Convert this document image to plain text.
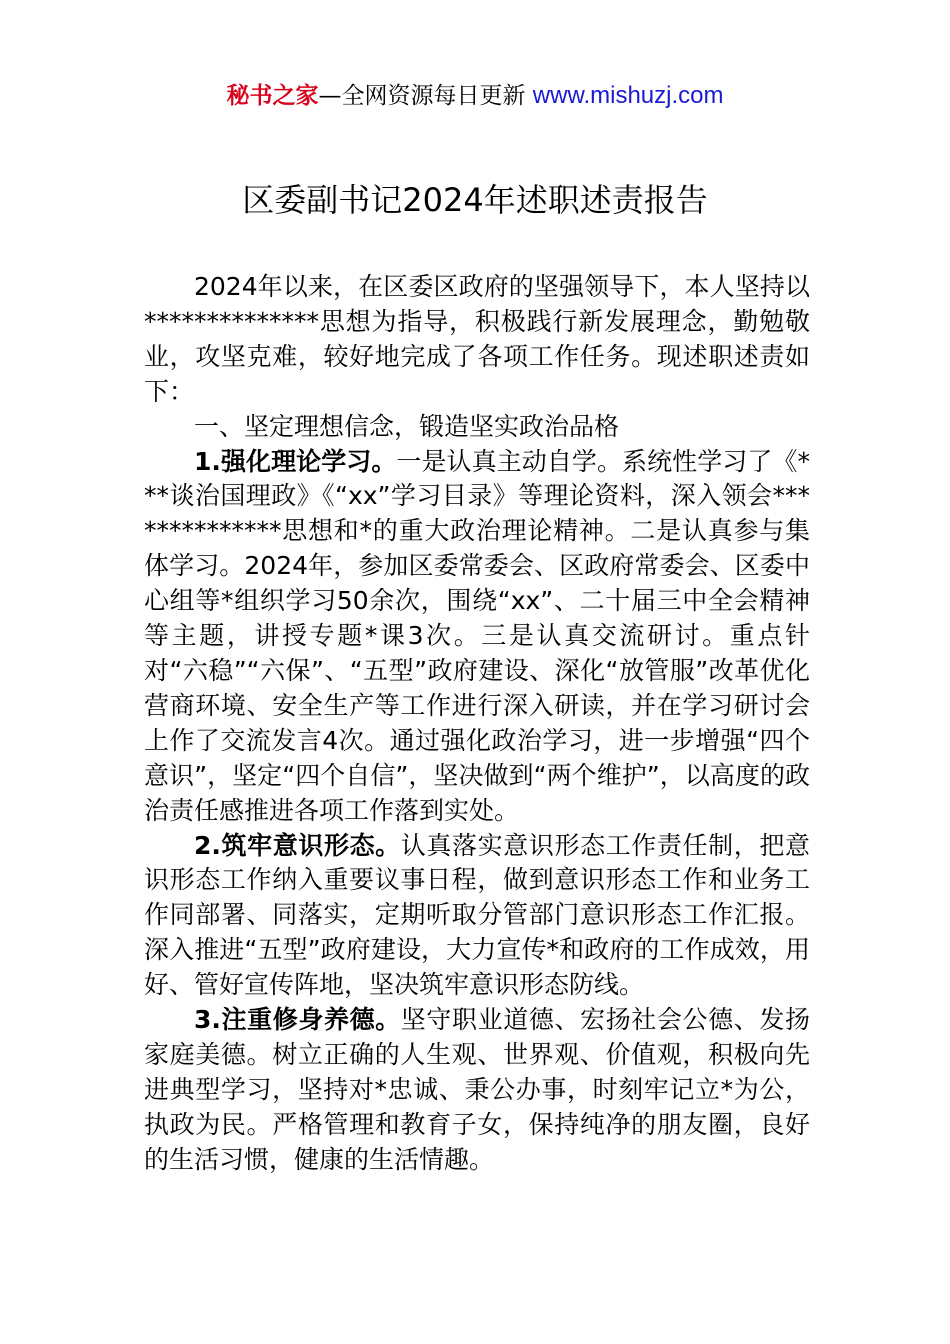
秘书之家—全网资源每日更新 www.mishuzj.com
区委副书记2024年述职述责报告

2024年以来，在区委区政府的坚强领导下，本人坚持以**************思想为指导，积极践行新发展理念，勤勉敬业，攻坚克难，较好地完成了各项工作任务。现述职述责如下：

一、坚定理想信念，锻造坚实政治品格

1.强化理论学习。一是认真主动自学。系统性学习了《***谈治国理政》《“xx”学习目录》等理论资料，深入领会**************思想和*的重大政治理论精神。二是认真参与集体学习。2024年，参加区委常委会、区政府常委会、区委中心组等*组织学习50余次，围绕“xx”、二十届三中全会精神等主题，讲授专题*课3次。三是认真交流研讨。重点针对“六稳”“六保”、“五型”政府建设、深化“放管服”改革优化营商环境、安全生产等工作进行深入研读，并在学习研讨会上作了交流发言4次。通过强化政治学习，进一步增强“四个意识”，坚定“四个自信”，坚决做到“两个维护”，以高度的政治责任感推进各项工作落到实处。

2.筑牢意识形态。认真落实意识形态工作责任制，把意识形态工作纳入重要议事日程，做到意识形态工作和业务工作同部署、同落实，定期听取分管部门意识形态工作汇报。深入推进“五型”政府建设，大力宣传*和政府的工作成效，用好、管好宣传阵地，坚决筑牢意识形态防线。

3.注重修身养德。坚守职业道德、宏扬社会公德、发扬家庭美德。树立正确的人生观、世界观、价值观，积极向先进典型学习，坚持对*忠诚、秉公办事，时刻牢记立*为公，执政为民。严格管理和教育子女，保持纯净的朋友圈，良好的生活习惯，健康的生活情趣。
